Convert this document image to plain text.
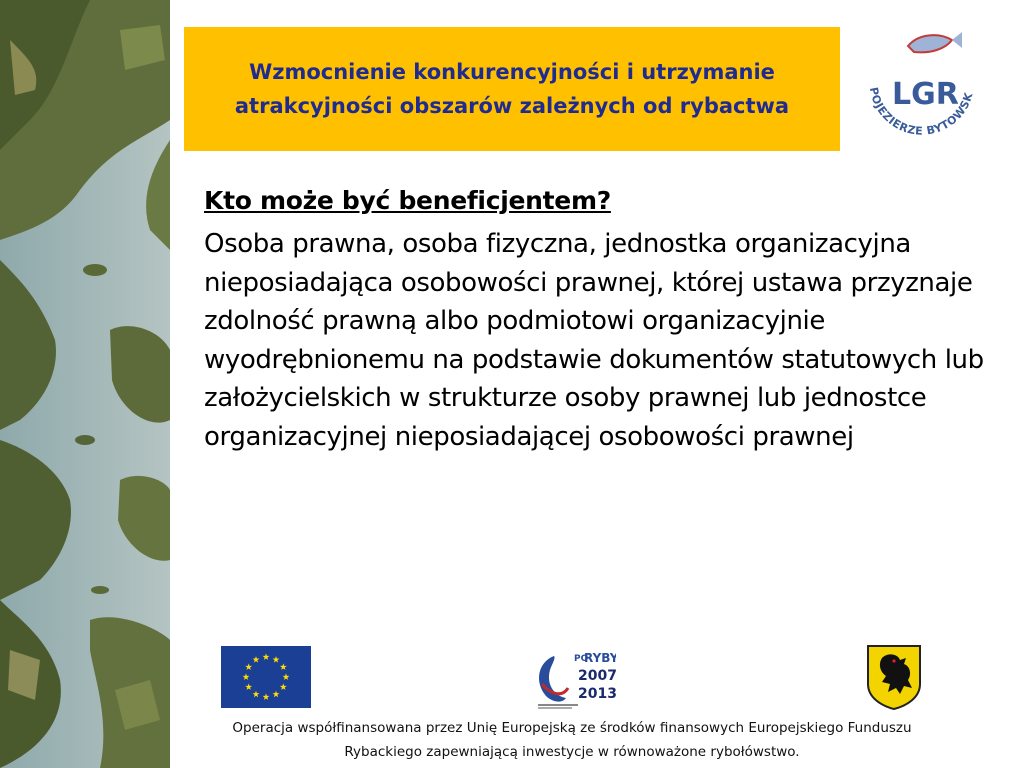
Wzmocnienie konkurencyjności i utrzymanie atrakcyjności obszarów zależnych od rybactwa	LGR
POJEZIERZE BYTOWSK

Kto może być beneficjentem?

Osoba prawna, osoba fizyczna, jednostka organizacyjna nieposiadająca osobowości prawnej, której ustawa przyznaje zdolność prawną albo podmiotowi organizacyjnie wyodrębnionemu na podstawie dokumentów statutowych lub założycielskich w strukturze osoby prawnej lub jednostce organizacyjnej nieposiadającej osobowości prawnej

PO
RYBY
2007
2013
Operacja współfinansowana przez Unię Europejską ze środków finansowych Europejskiego Funduszu
Rybackiego zapewniającą inwestycje w równoważone rybołówstwo.
